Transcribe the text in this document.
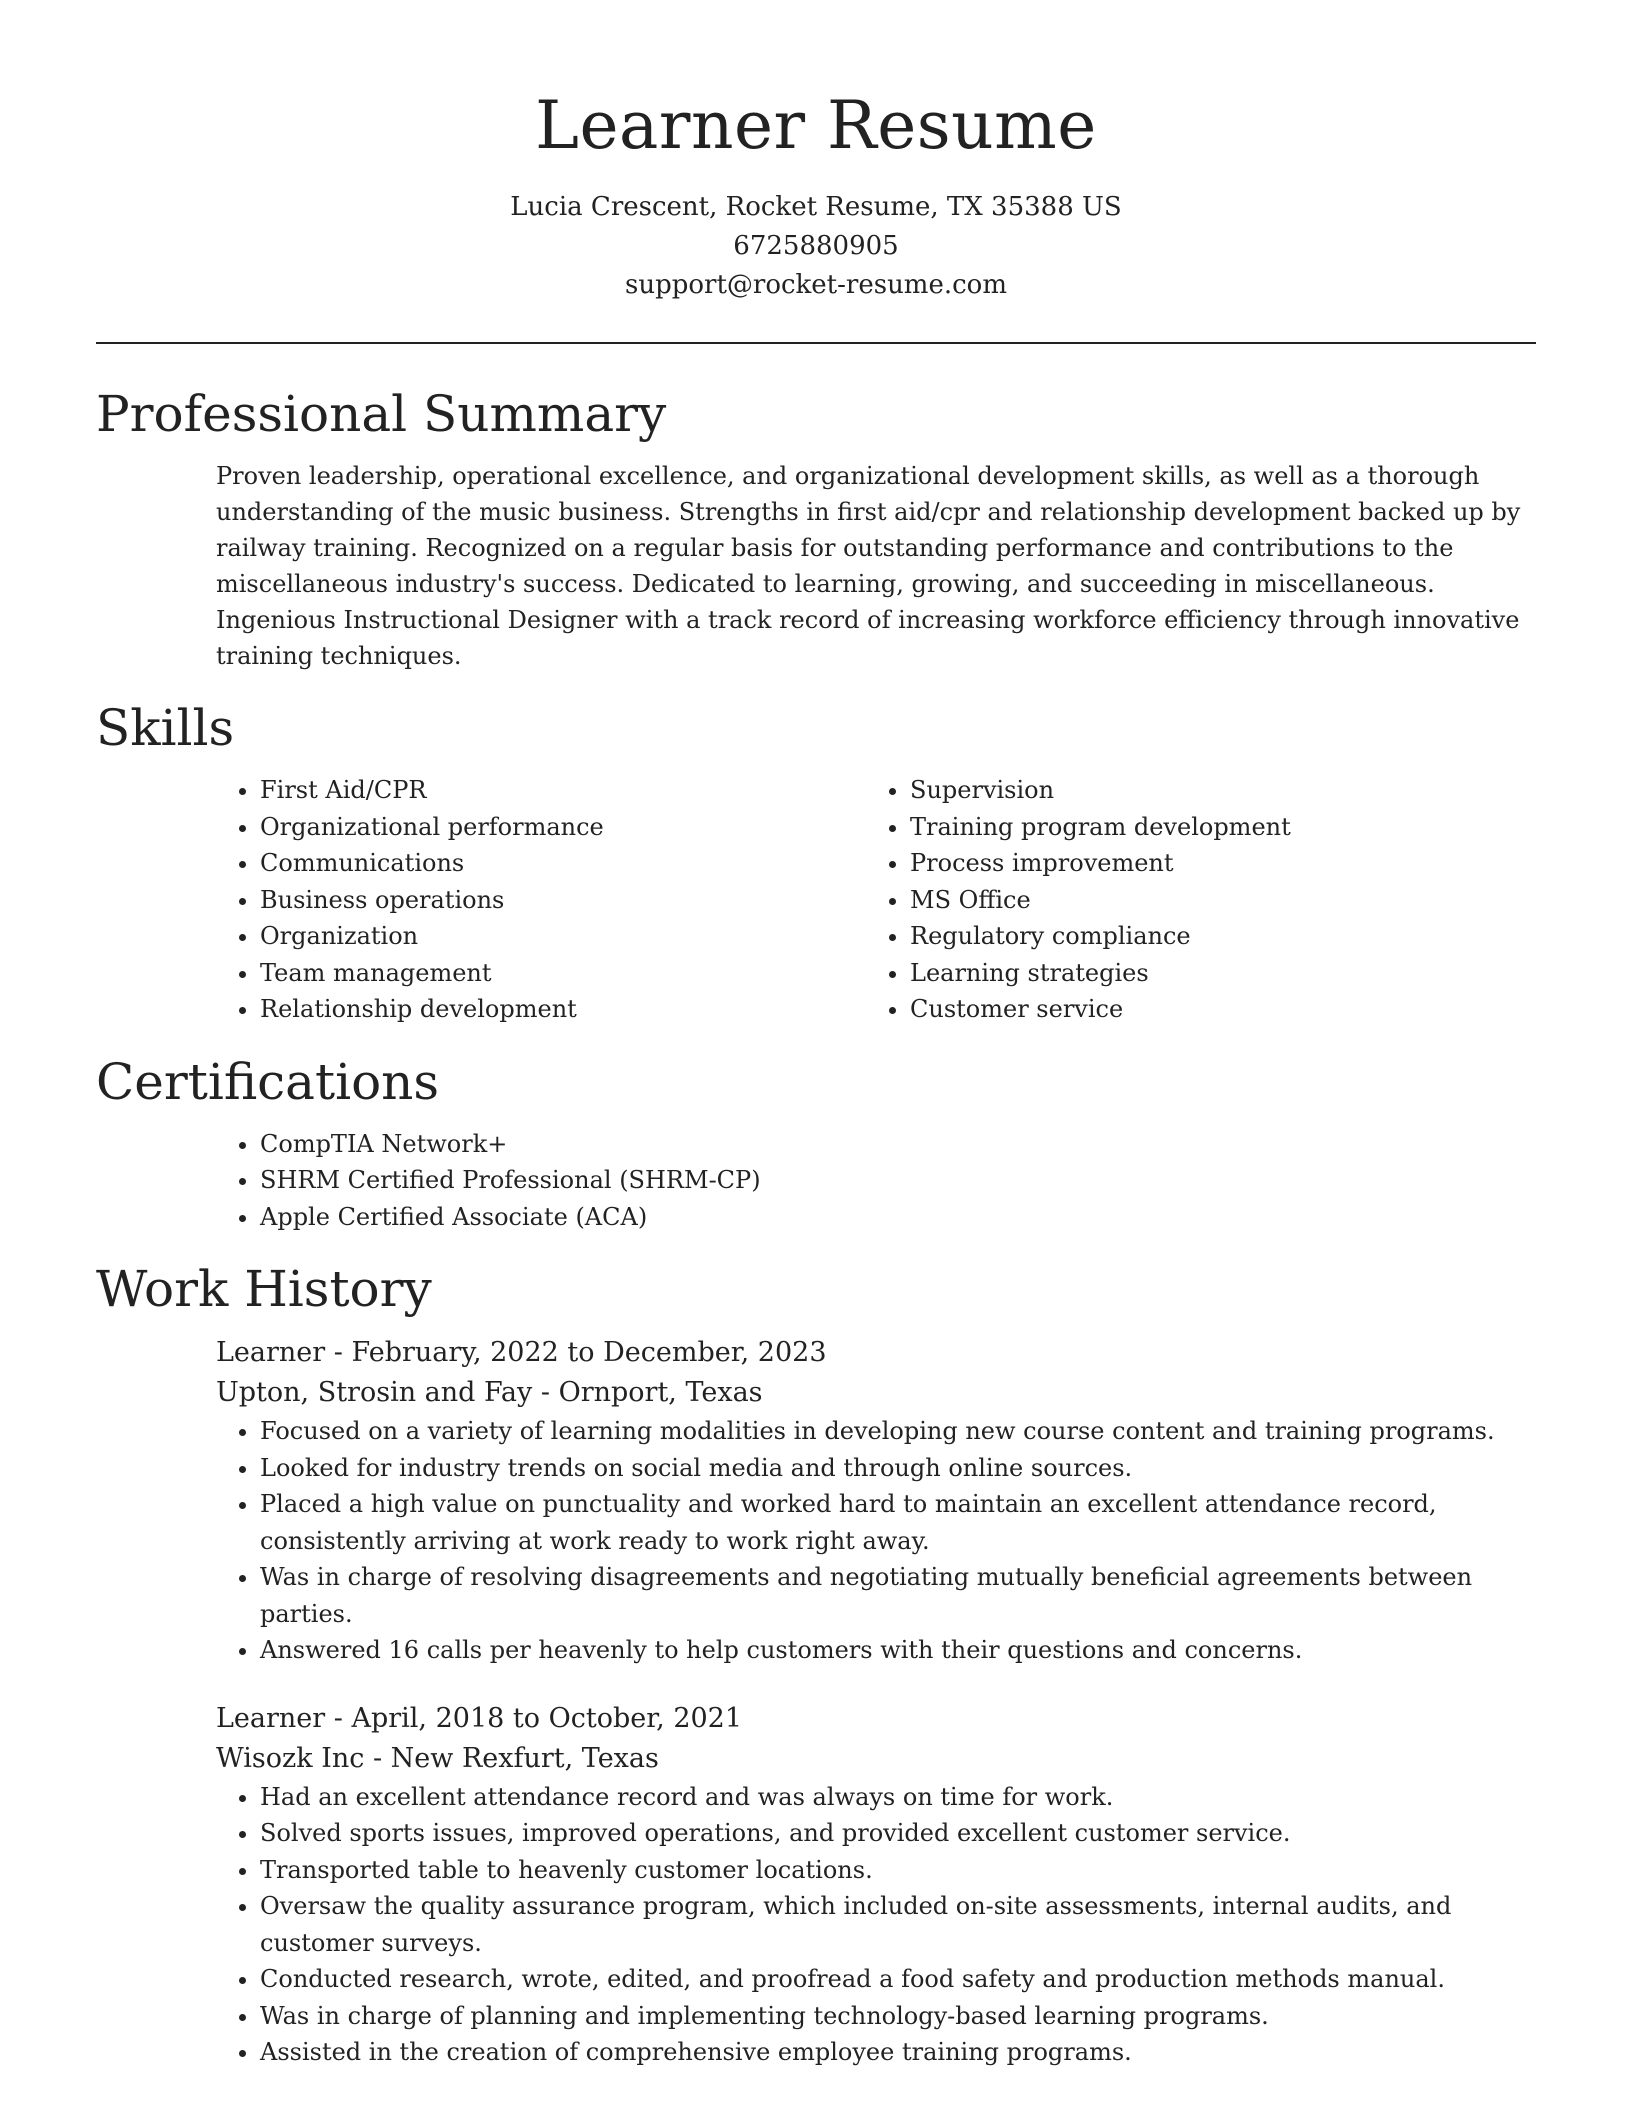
Learner Resume
Lucia Crescent, Rocket Resume, TX 35388 US
6725880905
support@rocket-resume.com
Professional Summary

Proven leadership, operational excellence, and organizational development skills, as well as a thorough understanding of the music business. Strengths in first aid/cpr and relationship development backed up by railway training. Recognized on a regular basis for outstanding performance and contributions to the miscellaneous industry's success. Dedicated to learning, growing, and succeeding in miscellaneous. Ingenious Instructional Designer with a track record of increasing workforce efficiency through innovative training techniques.

Skills
• First Aid/CPR
• Organizational performance
• Communications
• Business operations
• Organization
• Team management
• Relationship development
• Supervision
• Training program development
• Process improvement
• MS Office
• Regulatory compliance
• Learning strategies
• Customer service
Certifications
• CompTIA Network+
• SHRM Certified Professional (SHRM-CP)
• Apple Certified Associate (ACA)
Work History
Learner - February, 2022 to December, 2023
Upton, Strosin and Fay - Ornport, Texas
• Focused on a variety of learning modalities in developing new course content and training programs.
• Looked for industry trends on social media and through online sources.
• Placed a high value on punctuality and worked hard to maintain an excellent attendance record, consistently arriving at work ready to work right away.
• Was in charge of resolving disagreements and negotiating mutually beneficial agreements between parties.
• Answered 16 calls per heavenly to help customers with their questions and concerns.
Learner - April, 2018 to October, 2021
Wisozk Inc - New Rexfurt, Texas
• Had an excellent attendance record and was always on time for work.
• Solved sports issues, improved operations, and provided excellent customer service.
• Transported table to heavenly customer locations.
• Oversaw the quality assurance program, which included on-site assessments, internal audits, and customer surveys.
• Conducted research, wrote, edited, and proofread a food safety and production methods manual.
• Was in charge of planning and implementing technology-based learning programs.
• Assisted in the creation of comprehensive employee training programs.
